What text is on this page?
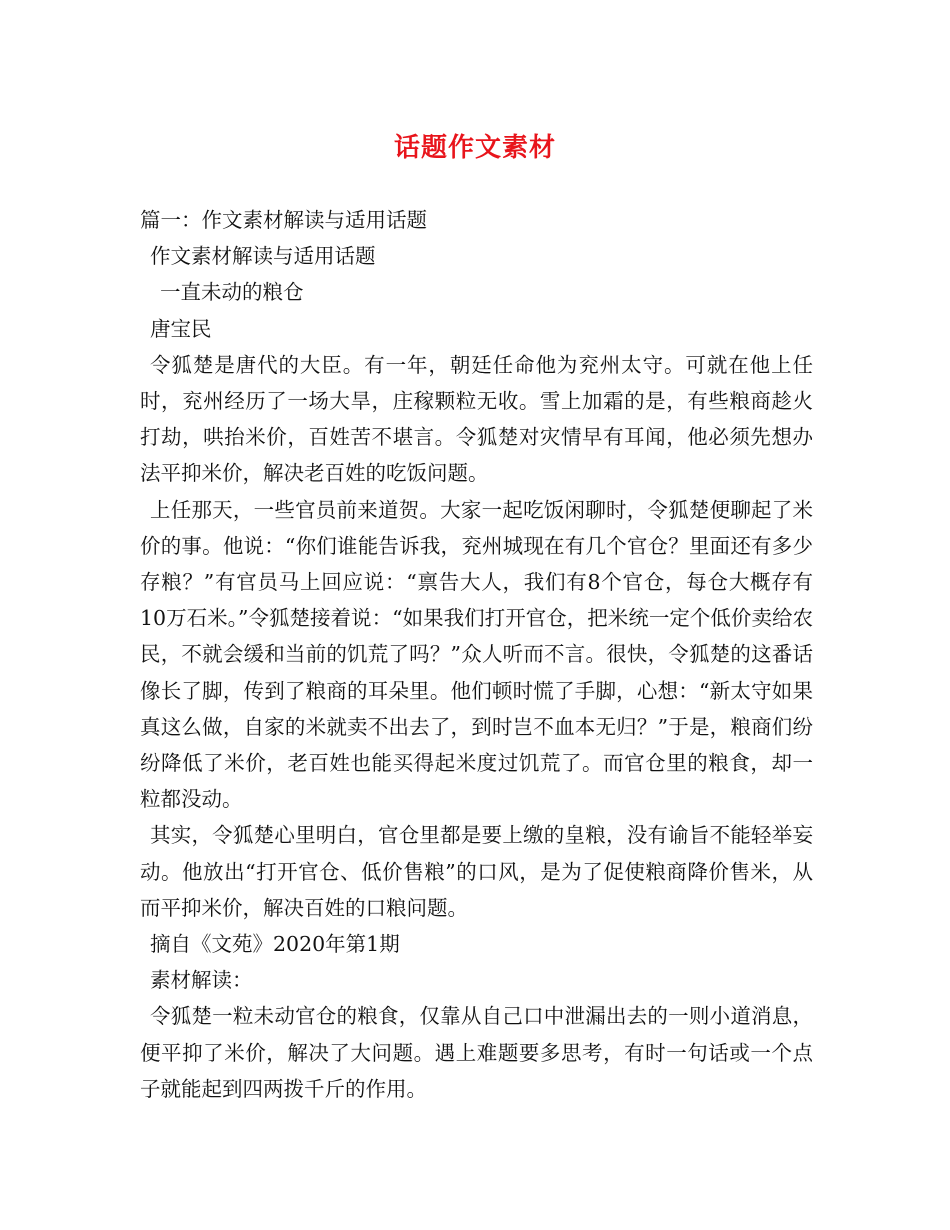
话题作文素材
篇一：作文素材解读与适用话题
作文素材解读与适用话题
一直未动的粮仓
唐宝民
令狐楚是唐代的大臣。有一年，朝廷任命他为兖州太守。可就在他上任时，兖州经历了一场大旱，庄稼颗粒无收。雪上加霜的是，有些粮商趁火打劫，哄抬米价，百姓苦不堪言。令狐楚对灾情早有耳闻，他必须先想办法平抑米价，解决老百姓的吃饭问题。
上任那天，一些官员前来道贺。大家一起吃饭闲聊时，令狐楚便聊起了米价的事。他说：“你们谁能告诉我，兖州城现在有几个官仓？里面还有多少存粮？”有官员马上回应说：“禀告大人，我们有8个官仓，每仓大概存有10万石米。”令狐楚接着说：“如果我们打开官仓，把米统一定个低价卖给农民，不就会缓和当前的饥荒了吗？”众人听而不言。很快，令狐楚的这番话像长了脚，传到了粮商的耳朵里。他们顿时慌了手脚，心想：“新太守如果真这么做，自家的米就卖不出去了，到时岂不血本无归？”于是，粮商们纷纷降低了米价，老百姓也能买得起米度过饥荒了。而官仓里的粮食，却一粒都没动。
其实，令狐楚心里明白，官仓里都是要上缴的皇粮，没有谕旨不能轻举妄动。他放出“打开官仓、低价售粮”的口风，是为了促使粮商降价售米，从而平抑米价，解决百姓的口粮问题。
摘自《文苑》2020年第1期
素材解读：
令狐楚一粒未动官仓的粮食，仅靠从自己口中泄漏出去的一则小道消息，便平抑了米价，解决了大问题。遇上难题要多思考，有时一句话或一个点子就能起到四两拨千斤的作用。
